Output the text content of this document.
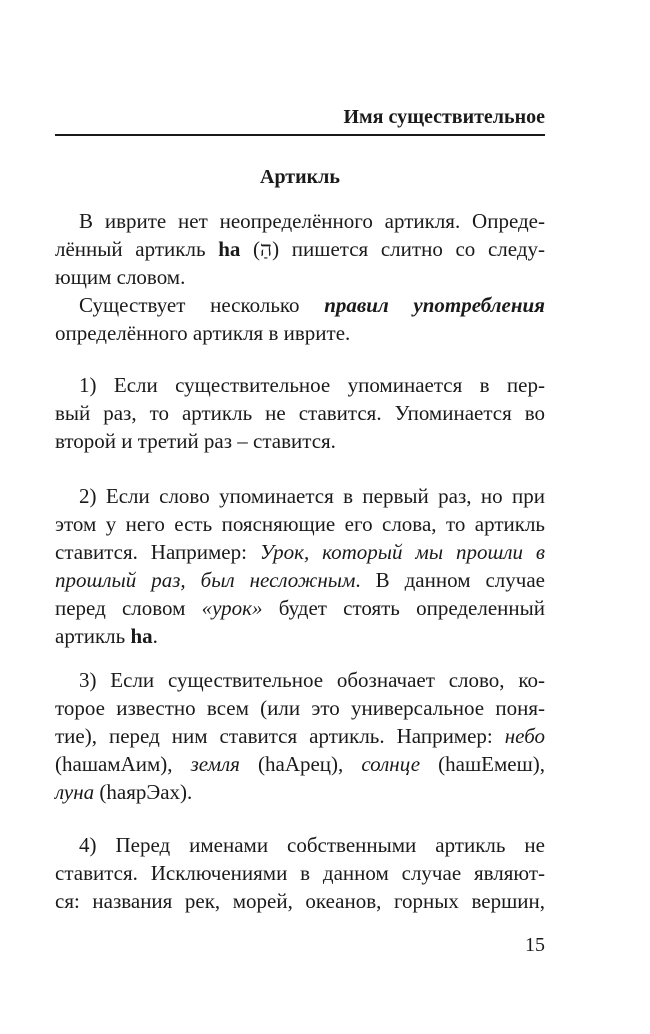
Имя существительное
Артикль
В иврите нет неопределённого артикля. Опреде-
лённый артикль ha (הַ) пишется слитно со следу-
ющим словом.
Существует несколько правил употребления
определённого артикля в иврите.
1) Если существительное упоминается в пер-
вый раз, то артикль не ставится. Упоминается во
второй и третий раз – ставится.
2) Если слово упоминается в первый раз, но при
этом у него есть поясняющие его слова, то артикль
ставится. Например: Урок, который мы прошли в
прошлый раз, был несложным. В данном случае
перед словом «урок» будет стоять определенный
артикль ha.
3) Если существительное обозначает слово, ко-
торое известно всем (или это универсальное поня-
тие), перед ним ставится артикль. Например: небо
(hашамАим), земля (hаАрец), солнце (hашЕмеш),
луна (hаярЭах).
4) Перед именами собственными артикль не
ставится. Исключениями в данном случае являют-
ся: названия рек, морей, океанов, горных вершин,
15
